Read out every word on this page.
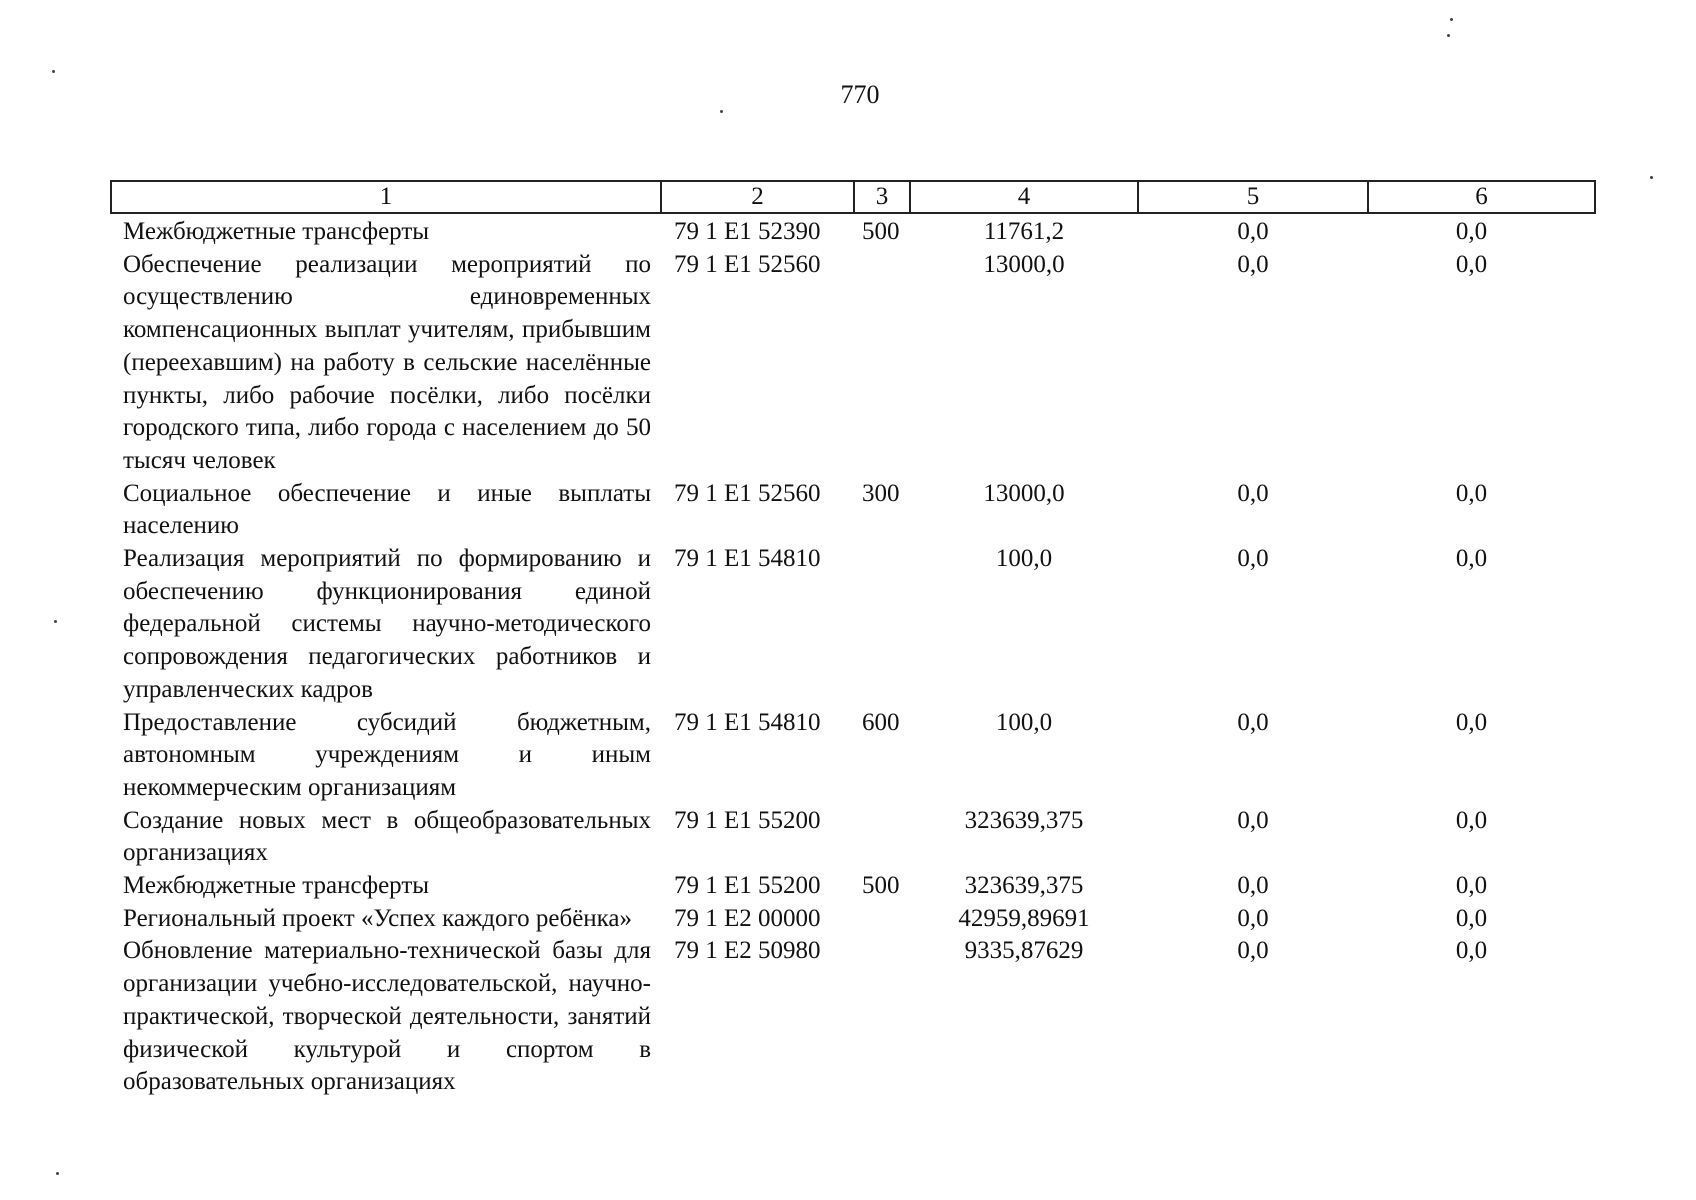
770
1	2	3	4	5	6
Межбюджетные трансферты	79 1 E1 52390	500	11761,2	0,0	0,0
Обеспечение реализации мероприятий по осуществлению единовременных компенсационных выплат учителям, прибывшим (переехавшим) на работу в сельские населённые пункты, либо рабочие посёлки, либо посёлки городского типа, либо города с населением до 50 тысяч человек	79 1 E1 52560		13000,0	0,0	0,0
Социальное обеспечение и иные выплаты населению	79 1 E1 52560	300	13000,0	0,0	0,0
Реализация мероприятий по формированию и обеспечению функционирования единой федеральной системы научно-методического сопровождения педагогических работников и управленческих кадров	79 1 E1 54810		100,0	0,0	0,0
Предоставление субсидий бюджетным, автономным учреждениям и иным некоммерческим организациям	79 1 E1 54810	600	100,0	0,0	0,0
Создание новых мест в общеобразовательных организациях	79 1 E1 55200		323639,375	0,0	0,0
Межбюджетные трансферты	79 1 E1 55200	500	323639,375	0,0	0,0
Региональный проект «Успех каждого ребёнка»	79 1 E2 00000		42959,89691	0,0	0,0
Обновление материально-технической базы для организации учебно-исследовательской, научно-практической, творческой деятельности, занятий физической культурой и спортом в образовательных организациях	79 1 E2 50980		9335,87629	0,0	0,0
